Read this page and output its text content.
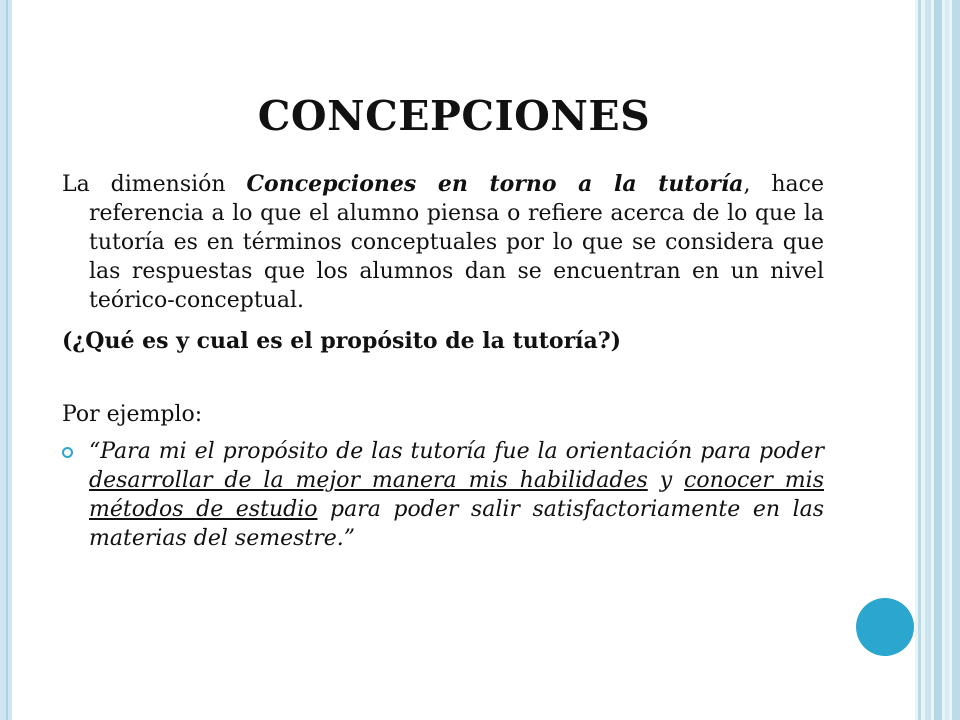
CONCEPCIONES

La dimensión Concepciones en torno a la tutoría, hace referencia a lo que el alumno piensa o refiere acerca de lo que la tutoría es en términos conceptuales por lo que se considera que las respuestas que los alumnos dan se encuentran en un nivel teórico-conceptual.

(¿Qué es y cual es el propósito de la tutoría?)

Por ejemplo:

“Para mi el propósito de las tutoría fue la orientación para poder desarrollar de la mejor manera mis habilidades y conocer mis métodos de estudio para poder salir satisfactoriamente en las materias del semestre.”
